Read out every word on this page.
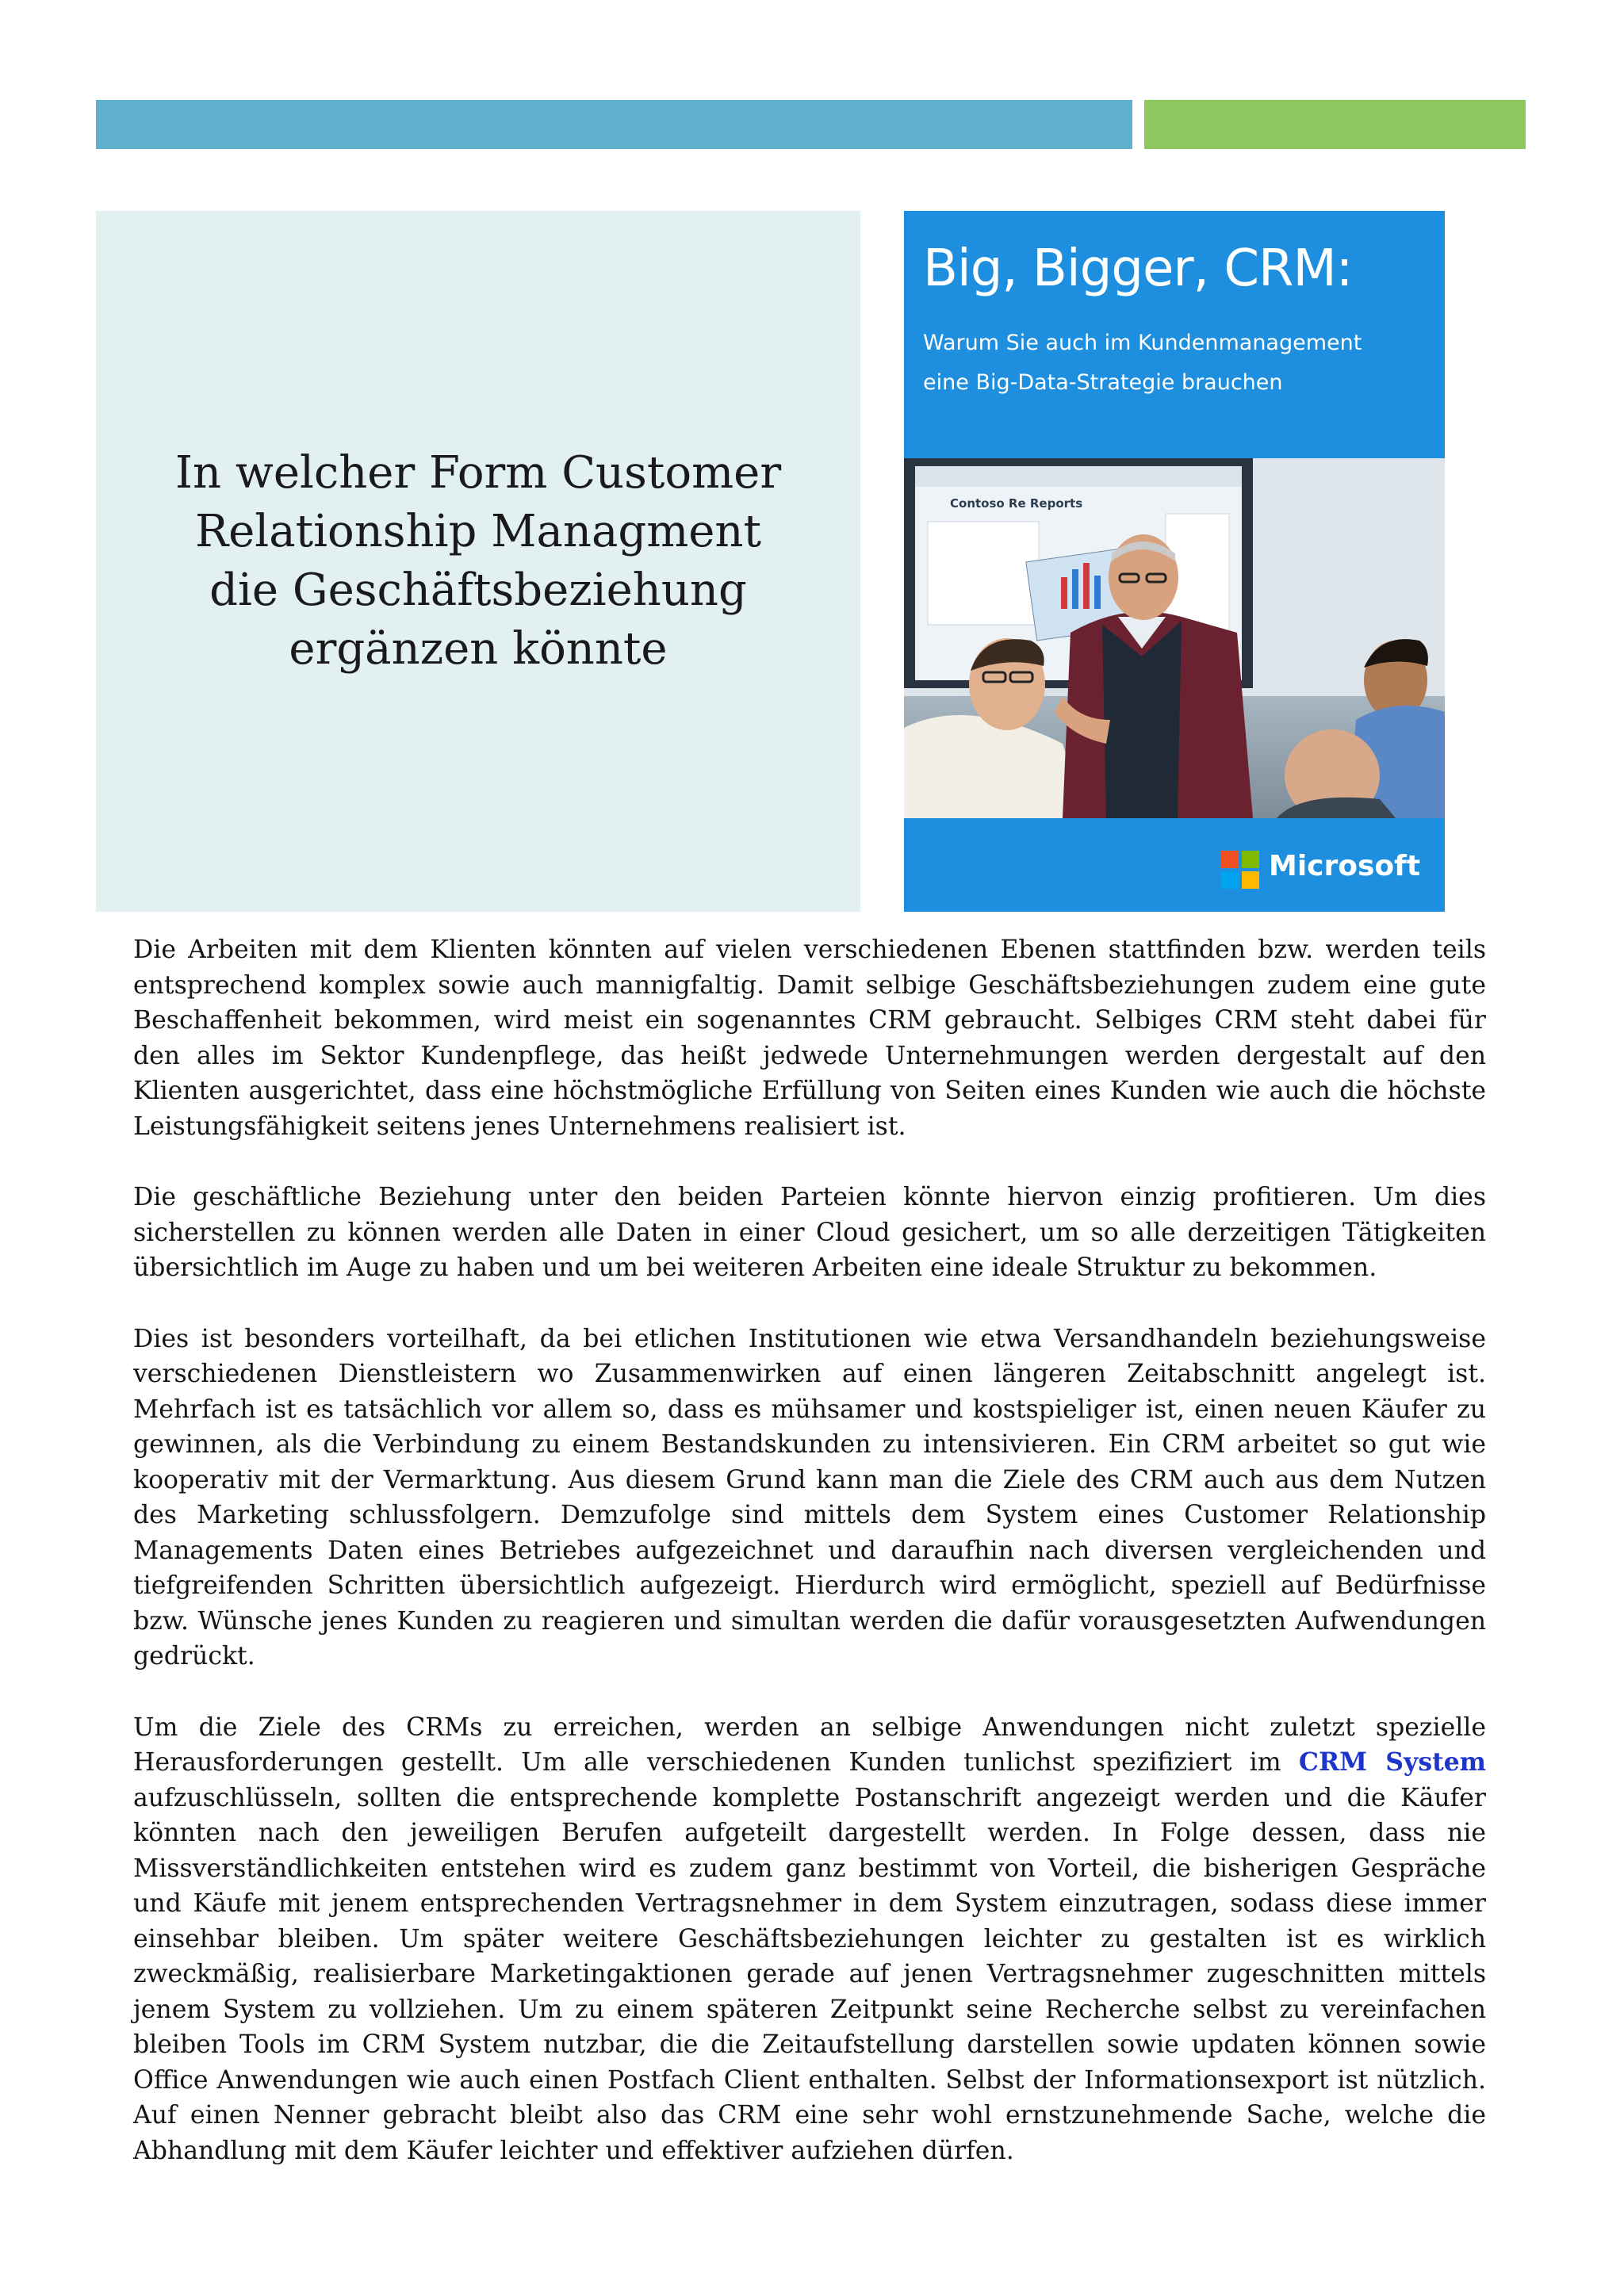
In welcher Form Customer Relationship Managment die Geschäftsbeziehung ergänzen könnte
Big, Bigger, CRM:
Warum Sie auch im Kundenmanagement
eine Big-Data-Strategie brauchen
Contoso Re Reports
Microsoft

Die Arbeiten mit dem Klienten könnten auf vielen verschiedenen Ebenen stattfinden bzw. werden teils entsprechend komplex sowie auch mannigfaltig. Damit selbige Geschäftsbeziehungen zudem eine gute Beschaffenheit bekommen, wird meist ein sogenanntes CRM gebraucht. Selbiges CRM steht dabei für den alles im Sektor Kundenpflege, das heißt jedwede Unternehmungen werden dergestalt auf den Klienten ausgerichtet, dass eine höchstmögliche Erfüllung von Seiten eines Kunden wie auch die höchste Leistungsfähigkeit seitens jenes Unternehmens realisiert ist.

Die geschäftliche Beziehung unter den beiden Parteien könnte hiervon einzig profitieren. Um dies sicherstellen zu können werden alle Daten in einer Cloud gesichert, um so alle derzeitigen Tätigkeiten übersichtlich im Auge zu haben und um bei weiteren Arbeiten eine ideale Struktur zu bekommen.

Dies ist besonders vorteilhaft, da bei etlichen Institutionen wie etwa Versandhandeln beziehungsweise verschiedenen Dienstleistern wo Zusammenwirken auf einen längeren Zeitabschnitt angelegt ist. Mehrfach ist es tatsächlich vor allem so, dass es mühsamer und kostspieliger ist, einen neuen Käufer zu gewinnen, als die Verbindung zu einem Bestandskunden zu intensivieren. Ein CRM arbeitet so gut wie kooperativ mit der Vermarktung. Aus diesem Grund kann man die Ziele des CRM auch aus dem Nutzen des Marketing schlussfolgern. Demzufolge sind mittels dem System eines Customer Relationship Managements Daten eines Betriebes aufgezeichnet und daraufhin nach diversen vergleichenden und tiefgreifenden Schritten übersichtlich aufgezeigt. Hierdurch wird ermöglicht, speziell auf Bedürfnisse bzw. Wünsche jenes Kunden zu reagieren und simultan werden die dafür vorausgesetzten Aufwendungen gedrückt.

Um die Ziele des CRMs zu erreichen, werden an selbige Anwendungen nicht zuletzt spezielle Herausforderungen gestellt. Um alle verschiedenen Kunden tunlichst spezifiziert im CRM System aufzuschlüsseln, sollten die entsprechende komplette Postanschrift angezeigt werden und die Käufer könnten nach den jeweiligen Berufen aufgeteilt dargestellt werden. In Folge dessen, dass nie Missverständlichkeiten entstehen wird es zudem ganz bestimmt von Vorteil, die bisherigen Gespräche und Käufe mit jenem entsprechenden Vertragsnehmer in dem System einzutragen, sodass diese immer einsehbar bleiben. Um später weitere Geschäftsbeziehungen leichter zu gestalten ist es wirklich zweckmäßig, realisierbare Marketingaktionen gerade auf jenen Vertragsnehmer zugeschnitten mittels jenem System zu vollziehen. Um zu einem späteren Zeitpunkt seine Recherche selbst zu vereinfachen bleiben Tools im CRM System nutzbar, die die Zeitaufstellung darstellen sowie updaten können sowie Office Anwendungen wie auch einen Postfach Client enthalten. Selbst der Informationsexport ist nützlich. Auf einen Nenner gebracht bleibt also das CRM eine sehr wohl ernstzunehmende Sache, welche die Abhandlung mit dem Käufer leichter und effektiver aufziehen dürfen.
